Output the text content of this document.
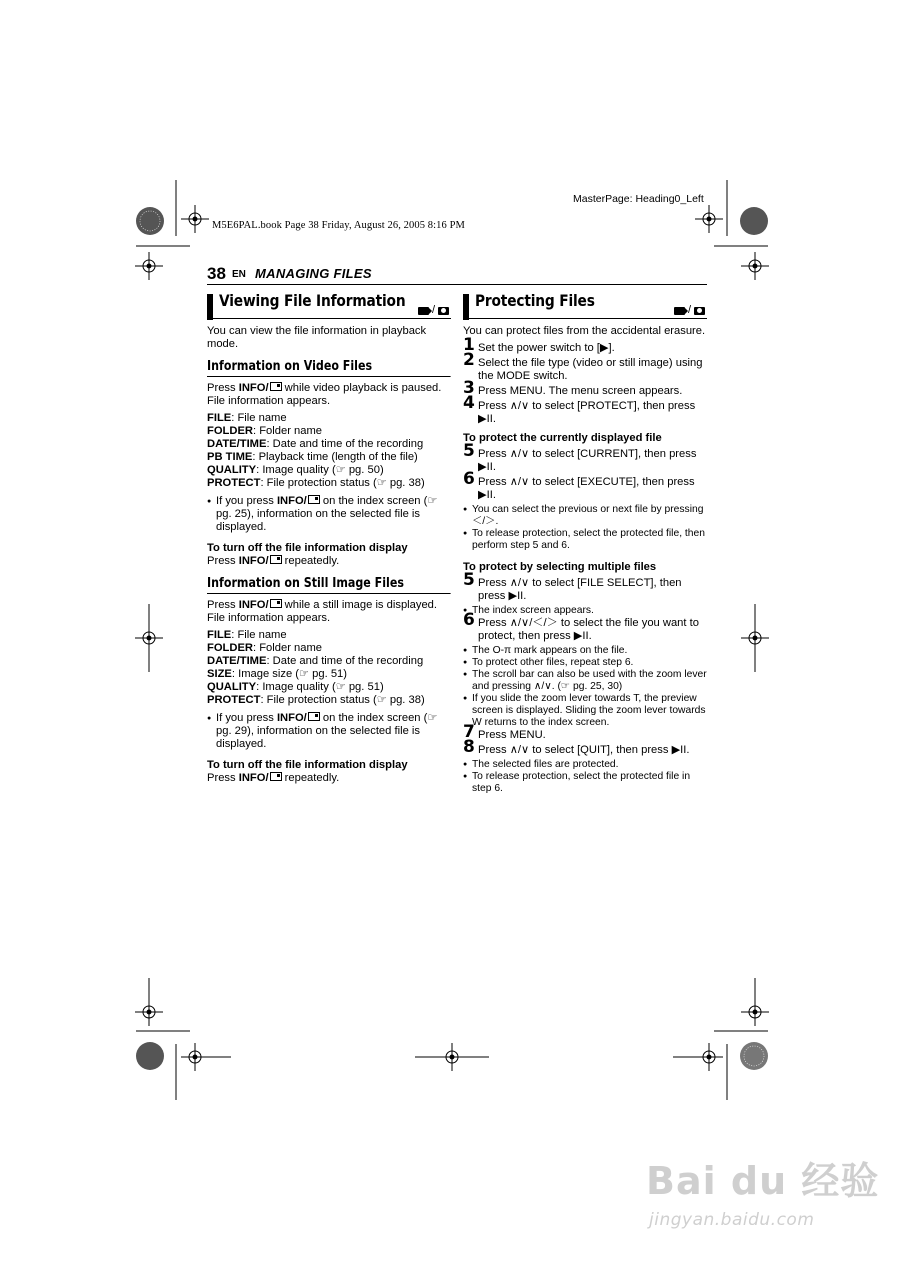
MasterPage: Heading0_Left
M5E6PAL.book Page 38 Friday, August 26, 2005 8:16 PM
38 EN MANAGING FILES
Viewing File Information	/

You can view the file information in playback mode.

Information on Video Files

Press INFO/ while video playback is paused. File information appears.

FILE: File name

FOLDER: Folder name

DATE/TIME: Date and time of the recording

PB TIME: Playback time (length of the file)

QUALITY: Image quality (☞ pg. 50)

PROTECT: File protection status (☞ pg. 38)

● If you press INFO/ on the index screen (☞ pg. 25), information on the selected file is displayed.

To turn off the file information display

Press INFO/ repeatedly.

Information on Still Image Files

Press INFO/ while a still image is displayed. File information appears.

FILE: File name

FOLDER: Folder name

DATE/TIME: Date and time of the recording

SIZE: Image size (☞ pg. 51)

QUALITY: Image quality (☞ pg. 51)

PROTECT: File protection status (☞ pg. 38)

● If you press INFO/ on the index screen (☞ pg. 29), information on the selected file is displayed.

To turn off the file information display

Press INFO/ repeatedly.

Protecting Files	/

You can protect files from the accidental erasure.

1 Set the power switch to [▶].
2 Select the file type (video or still image) using the MODE switch.
3 Press MENU. The menu screen appears.
4 Press ∧/∨ to select [PROTECT], then press ▶II.
To protect the currently displayed file
5 Press ∧/∨ to select [CURRENT], then press ▶II.
6 Press ∧/∨ to select [EXECUTE], then press ▶II.

● You can select the previous or next file by pressing ＜/＞.

● To release protection, select the protected file, then perform step 5 and 6.

To protect by selecting multiple files
5 Press ∧/∨ to select [FILE SELECT], then press ▶II.

● The index screen appears.

6 Press ∧/∨/＜/＞ to select the file you want to protect, then press ▶II.

● The O‑π mark appears on the file.

● To protect other files, repeat step 6.

● The scroll bar can also be used with the zoom lever and pressing ∧/∨. (☞ pg. 25, 30)

● If you slide the zoom lever towards T, the preview screen is displayed. Sliding the zoom lever towards W returns to the index screen.

7 Press MENU.
8 Press ∧/∨ to select [QUIT], then press ▶II.

● The selected files are protected.

● To release protection, select the protected file in step 6.

Bai du 经验
jingyan.baidu.com
